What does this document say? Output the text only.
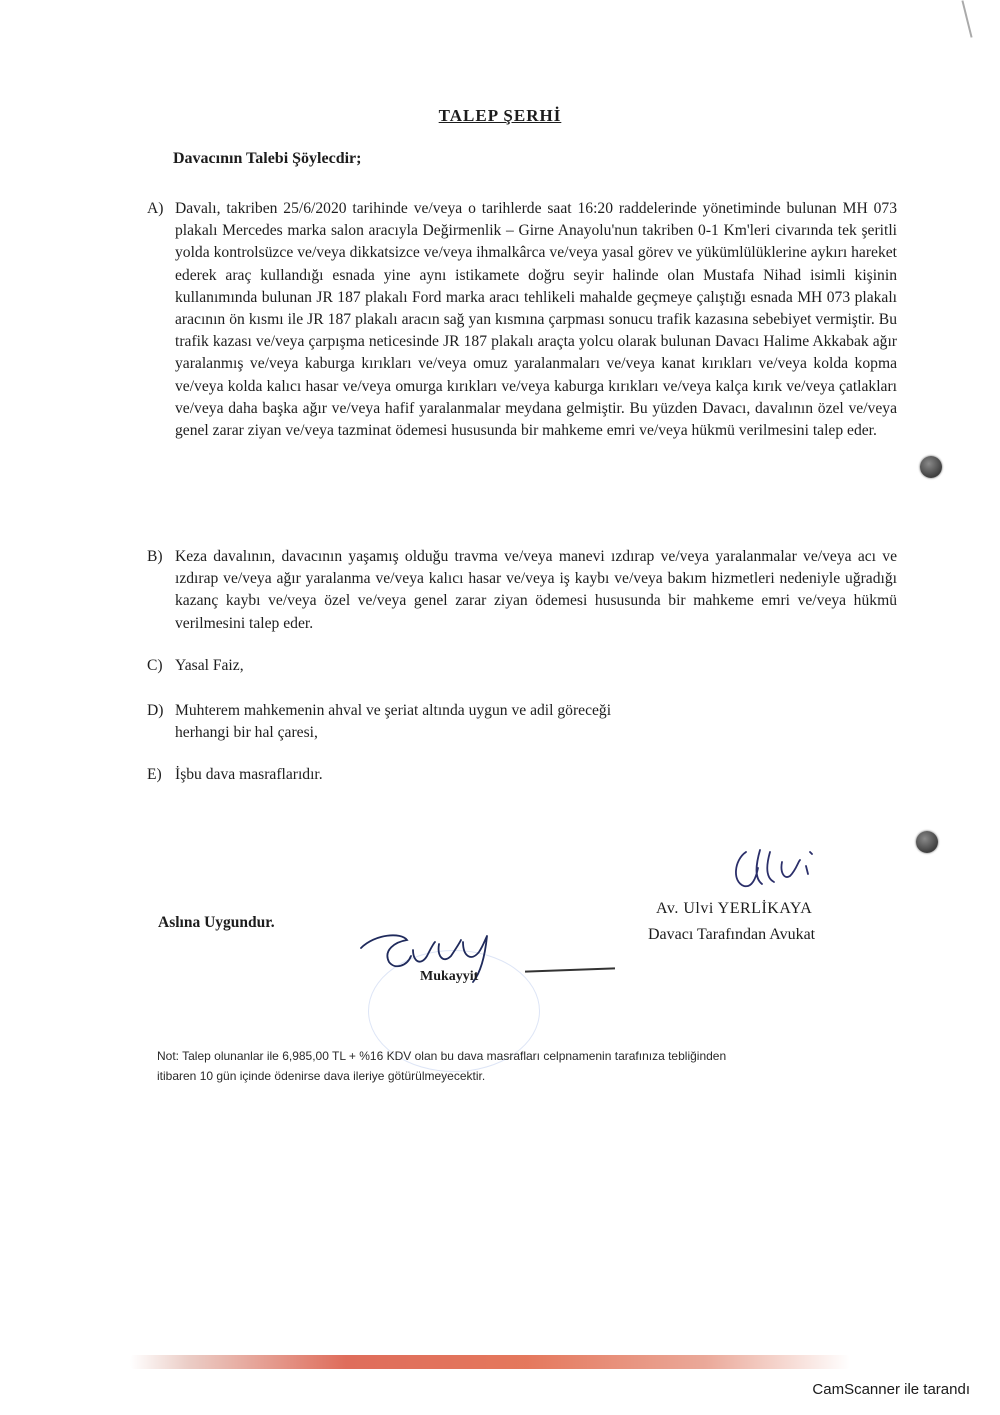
TALEP ŞERHİ
Davacının Talebi Şöylecdir;
A) Davalı, takriben 25/6/2020 tarihinde ve/veya o tarihlerde saat 16:20 raddelerinde yönetiminde bulunan MH 073 plakalı Mercedes marka salon aracıyla Değirmenlik – Girne Anayolu'nun takriben 0-1 Km'leri civarında tek şeritli yolda kontrolsüzce ve/veya dikkatsizce ve/veya ihmalkârca ve/veya yasal görev ve yükümlülüklerine aykırı hareket ederek araç kullandığı esnada yine aynı istikamete doğru seyir halinde olan Mustafa Nihad isimli kişinin kullanımında bulunan JR 187 plakalı Ford marka aracı tehlikeli mahalde geçmeye çalıştığı esnada MH 073 plakalı aracının ön kısmı ile JR 187 plakalı aracın sağ yan kısmına çarpması sonucu trafik kazasına sebebiyet vermiştir. Bu trafik kazası ve/veya çarpışma neticesinde JR 187 plakalı araçta yolcu olarak bulunan Davacı Halime Akkabak ağır yaralanmış ve/veya kaburga kırıkları ve/veya omuz yaralanmaları ve/veya kanat kırıkları ve/veya kolda kopma ve/veya kolda kalıcı hasar ve/veya omurga kırıkları ve/veya kaburga kırıkları ve/veya kalça kırık ve/veya çatlakları ve/veya daha başka ağır ve/veya hafif yaralanmalar meydana gelmiştir. Bu yüzden Davacı, davalının özel ve/veya genel zarar ziyan ve/veya tazminat ödemesi hususunda bir mahkeme emri ve/veya hükmü verilmesini talep eder.
B) Keza davalının, davacının yaşamış olduğu travma ve/veya manevi ızdırap ve/veya yaralanmalar ve/veya acı ve ızdırap ve/veya ağır yaralanma ve/veya kalıcı hasar ve/veya iş kaybı ve/veya bakım hizmetleri nedeniyle uğradığı kazanç kaybı ve/veya özel ve/veya genel zarar ziyan ödemesi hususunda bir mahkeme emri ve/veya hükmü verilmesini talep eder.
C) Yasal Faiz,
D) Muhterem mahkemenin ahval ve şeriat altında uygun ve adil göreceği herhangi bir hal çaresi,
E) İşbu dava masraflarıdır.
Av. Ulvi YERLİKAYA
Davacı Tarafından Avukat
Aslına Uygundur.
Mukayyit
Not: Talep olunanlar ile 6,985,00 TL + %16 KDV olan bu dava masrafları celpnamenin tarafınıza tebliğinden
itibaren 10 gün içinde ödenirse dava ileriye götürülmeyecektir.
CamScanner ile tarandı
